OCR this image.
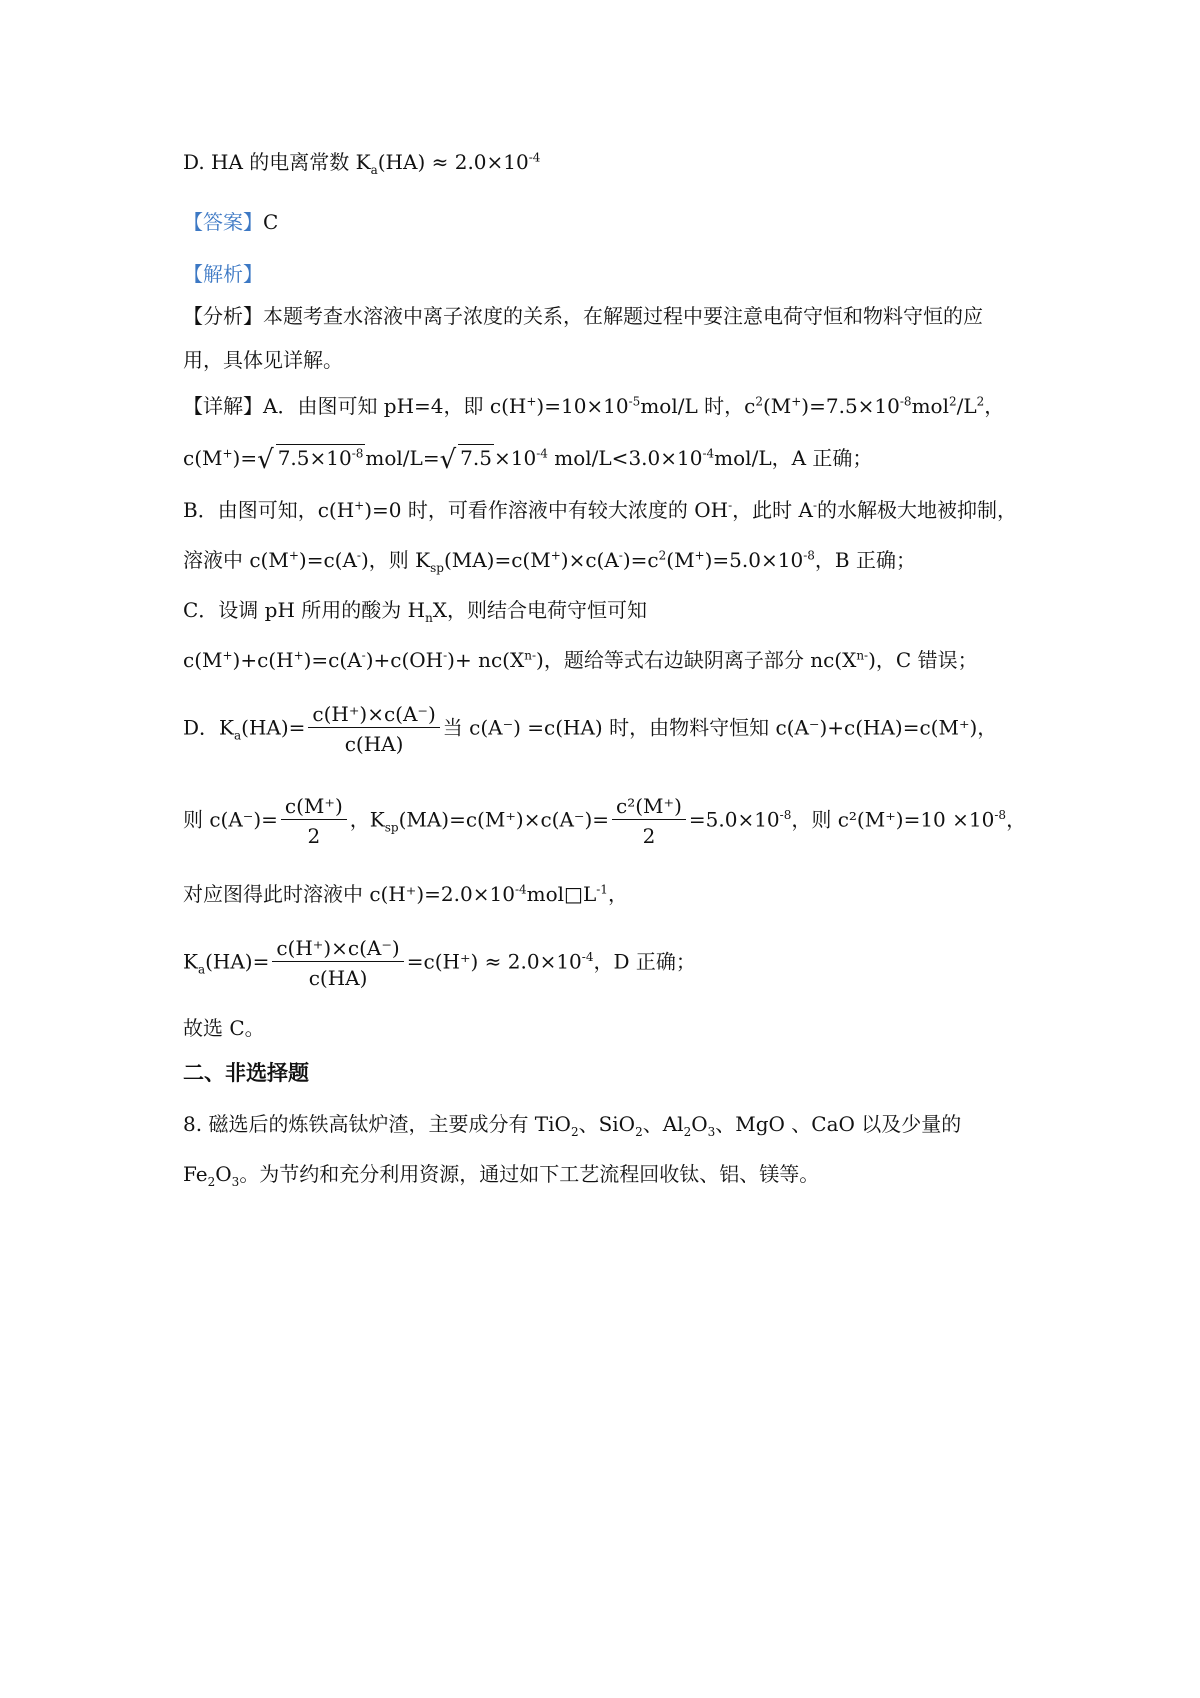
D. HA 的电离常数 $K_a(HA) \approx 2.0\times 10^{-4}$
【答案】C
【解析】
【分析】本题考查水溶液中离子浓度的关系，在解题过程中要注意电荷守恒和物料守恒的应
用，具体见详解。
【详解】A．由图可知 pH=4，即 $c(H^+)=10\times 10^{-5}mol/L$ 时，$c^2(M^+)=7.5\times 10^{-8}mol^2/L^2$，
c(M+)=√ $7.5\times 10^{-8}$ mol/L=√ $7.5 \times 10^{-4}$ mol/$L<3.0\times 10^{-4}mol/L$，A 正确；
B．由图可知，c(H+)=0 时，可看作溶液中有较大浓度的 OH-，此时 A-的水解极大地被抑制，
溶液中 c(M+)=c(A-)，则 $K_{sp}(MA)=c(M^+)\times c(A^-)=c^2(M^+)=5.0\times 10^{-8}$，B 正确；
C．设调 pH 所用的酸为 $H_nX$，则结合电荷守恒可知
$c(M^+)+c(H^+)=c(A^-)+c(OH^-)+ nc(X^{n-})$，题给等式右边缺阴离子部分 $nc(X^{n-})$，C 错误；
D．$K_a(HA)= \frac{c(H^+)\times c(A^-)}{c(HA)}$ 当 c(A⁻) =c(HA) 时，由物料守恒知 c(A⁻)+c(HA)=c(M⁺)，
则 $c(A^-)= \frac{c(M^+)}{2}$ ，$K_{sp}(MA)=c(M^+)\times c(A^-)= \frac{\text{c²(M⁺)}}{2} =5.0\times 10^{-8}$，则 $c^2(M^+)=10 \times 10^{-8}$，
对应图得此时溶液中 $c(H^+)=2.0\times 10^{-4}mol□L^{-1}$，
$K_a(HA)= \frac{c(H^+)\times c(A^-)}{c(HA)} =c(H^+) \approx 2.0\times 10^{-4}$，D 正确；
故选 C。
二、非选择题
8. 磁选后的炼铁高钛炉渣，主要成分有 TiO$_2$、SiO$_2$、$Al_2O_3$、MgO 、CaO 以及少量的
$Fe_2O_3$。为节约和充分利用资源，通过如下工艺流程回收钛、铝、镁等。
